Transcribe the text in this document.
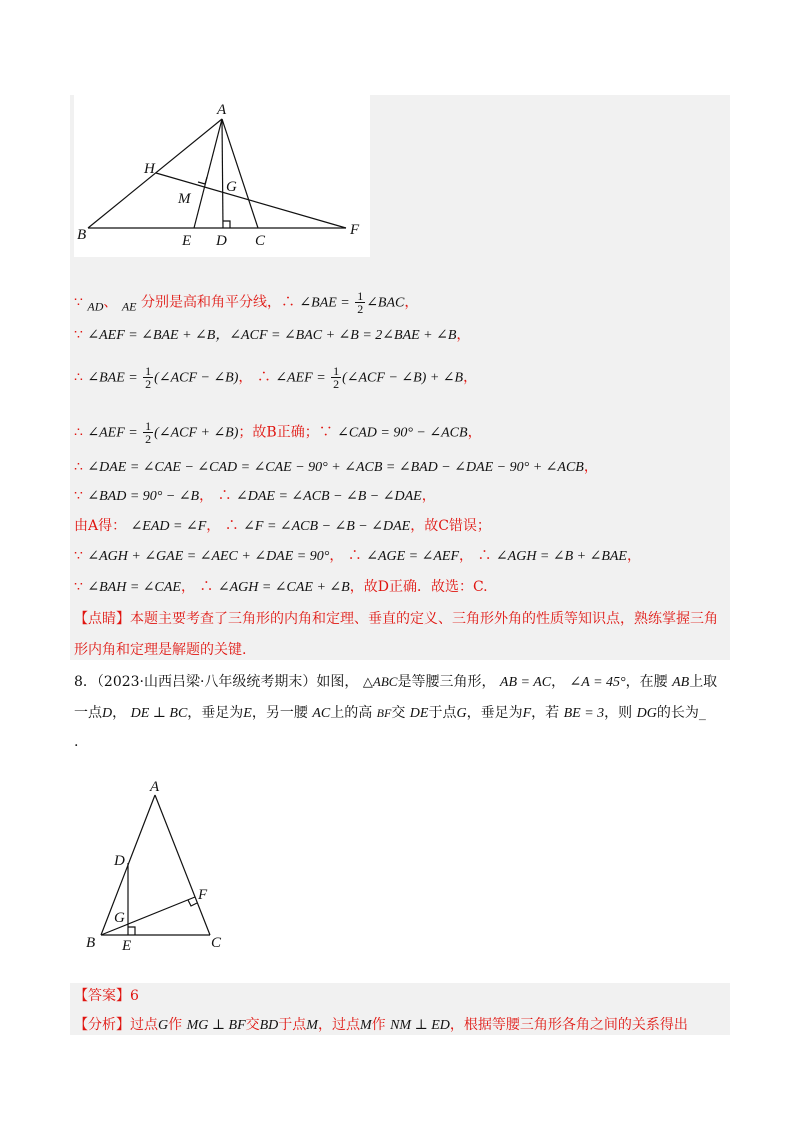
A
H
M
G
B	E D C
F
∵ AD、 AE 分别是高和角平分线，∴ ∠BAE = $\frac{1}{2}$ ∠BAC，
∵ ∠AEF = ∠BAE + ∠B，∠ACF = ∠BAC + ∠B = 2∠BAE + ∠B，
∴ ∠BAE = $\frac{1}{2}$ (∠ACF − ∠B)， ∴ ∠AEF = $\frac{1}{2}$ (∠ACF − ∠B) + ∠B，
∴ ∠AEF = $\frac{1}{2}$ (∠ACF + ∠B)；故B正确；∵ ∠CAD = 90° − ∠ACB，
∴ ∠DAE = ∠CAE − ∠CAD = ∠CAE − 90° + ∠ACB = ∠BAD − ∠DAE − 90° + ∠ACB，
∵ ∠BAD = 90° − ∠B， ∴ ∠DAE = ∠ACB − ∠B − ∠DAE，
由A得： ∠EAD = ∠F， ∴ ∠F = ∠ACB − ∠B − ∠DAE，故C错误；
∵ ∠AGH + ∠GAE = ∠AEC + ∠DAE = 90°， ∴ ∠AGE = ∠AEF， ∴ ∠AGH = ∠B + ∠BAE，
∵ ∠BAH = ∠CAE， ∴ ∠AGH = ∠CAE + ∠B，故D正确．故选：C.
【点睛】本题主要考查了三角形的内角和定理、垂直的定义、三角形外角的性质等知识点，熟练掌握三角
形内角和定理是解题的关键.
8．（2023·山西吕梁·八年级统考期末）如图， △ABC是等腰三角形， AB = AC， ∠A = 45°，在腰 AB上取
一点D， DE ⊥ BC，垂足为E，另一腰 AC上的高 BF交 DE于点G，垂足为F，若 BE = 3，则 DG的长为_
.
A
D
F
G
B E	C
【答案】6
【分析】过点G作 MG ⊥ BF交BD于点M，过点M作 NM ⊥ ED，根据等腰三角形各角之间的关系得出
